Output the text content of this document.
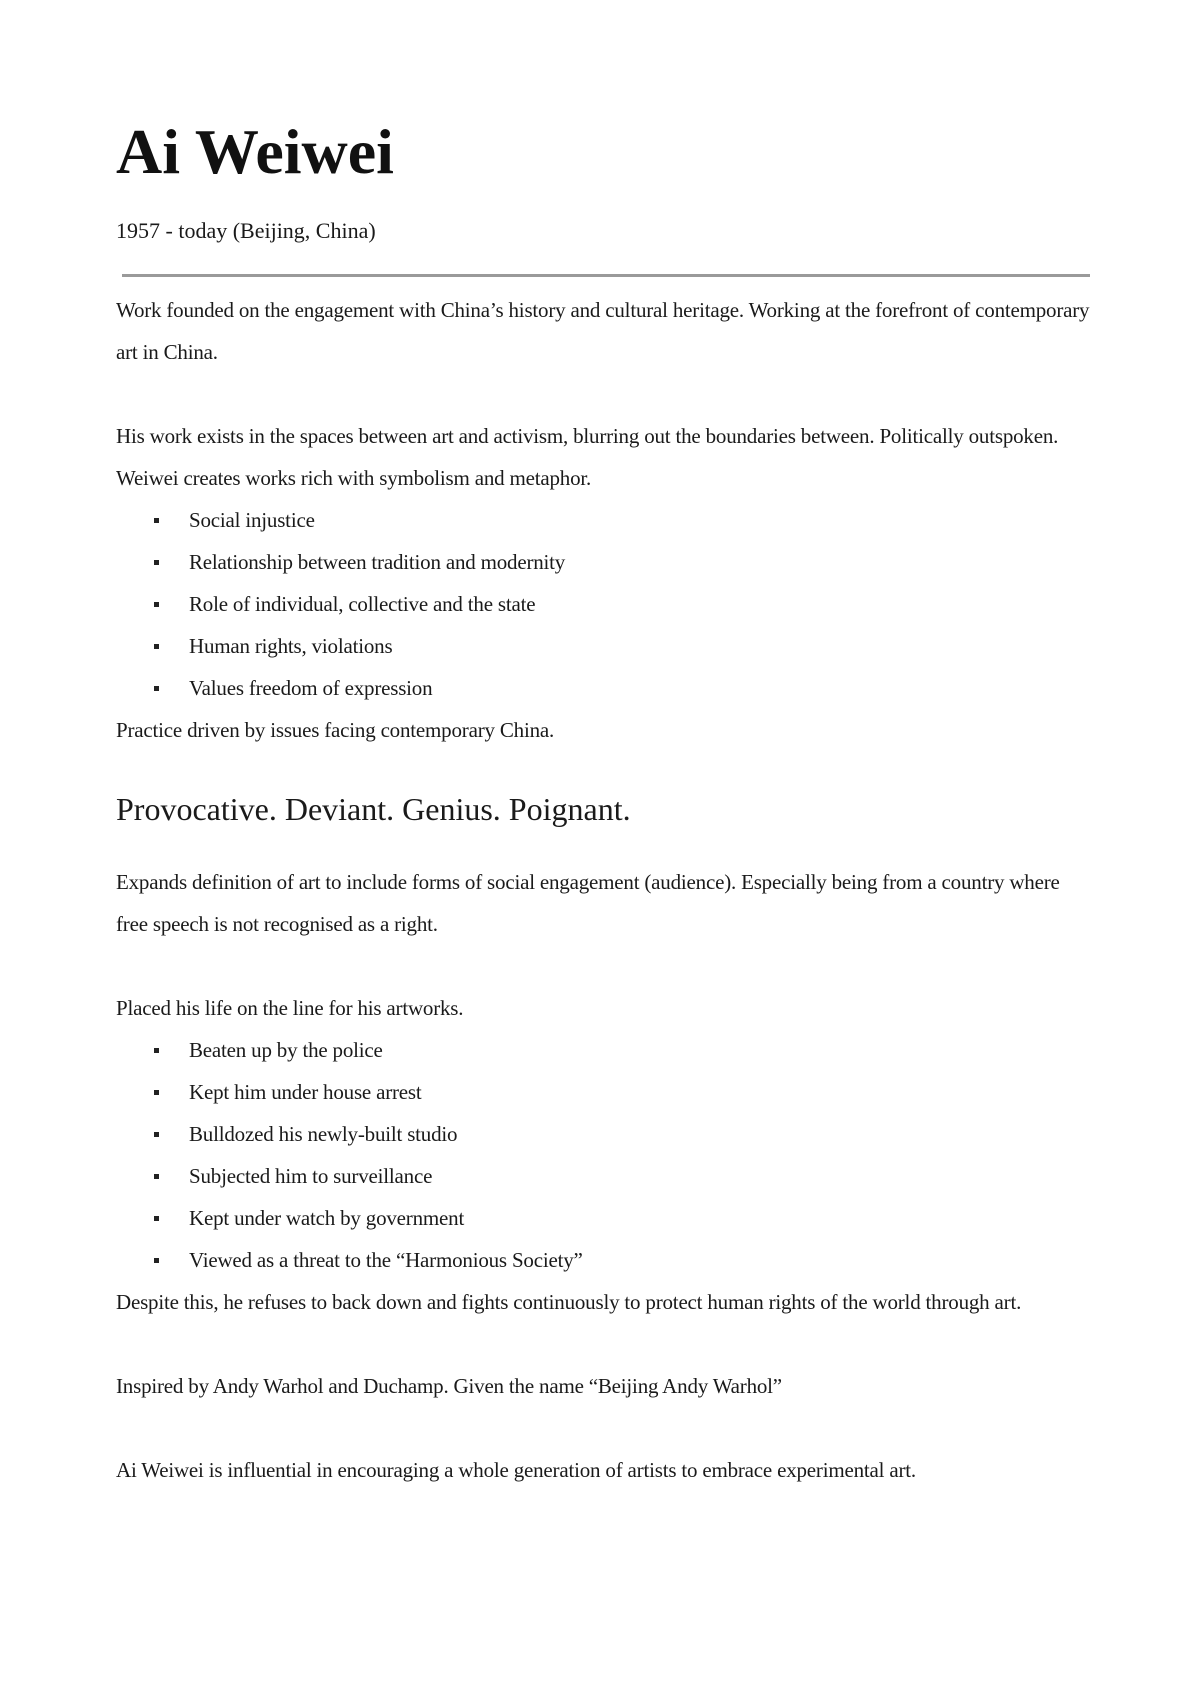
Ai Weiwei

1957 - today (Beijing, China)

Work founded on the engagement with China’s history and cultural heritage. Working at the forefront of contemporary art in China.

His work exists in the spaces between art and activism, blurring out the boundaries between. Politically outspoken. Weiwei creates works rich with symbolism and metaphor.

Social injustice
Relationship between tradition and modernity
Role of individual, collective and the state
Human rights, violations
Values freedom of expression

Practice driven by issues facing contemporary China.

Provocative. Deviant. Genius. Poignant.

Expands definition of art to include forms of social engagement (audience). Especially being from a country where free speech is not recognised as a right.

Placed his life on the line for his artworks.

Beaten up by the police
Kept him under house arrest
Bulldozed his newly-built studio
Subjected him to surveillance
Kept under watch by government
Viewed as a threat to the “Harmonious Society”

Despite this, he refuses to back down and fights continuously to protect human rights of the world through art.

Inspired by Andy Warhol and Duchamp. Given the name “Beijing Andy Warhol”

Ai Weiwei is influential in encouraging a whole generation of artists to embrace experimental art.
